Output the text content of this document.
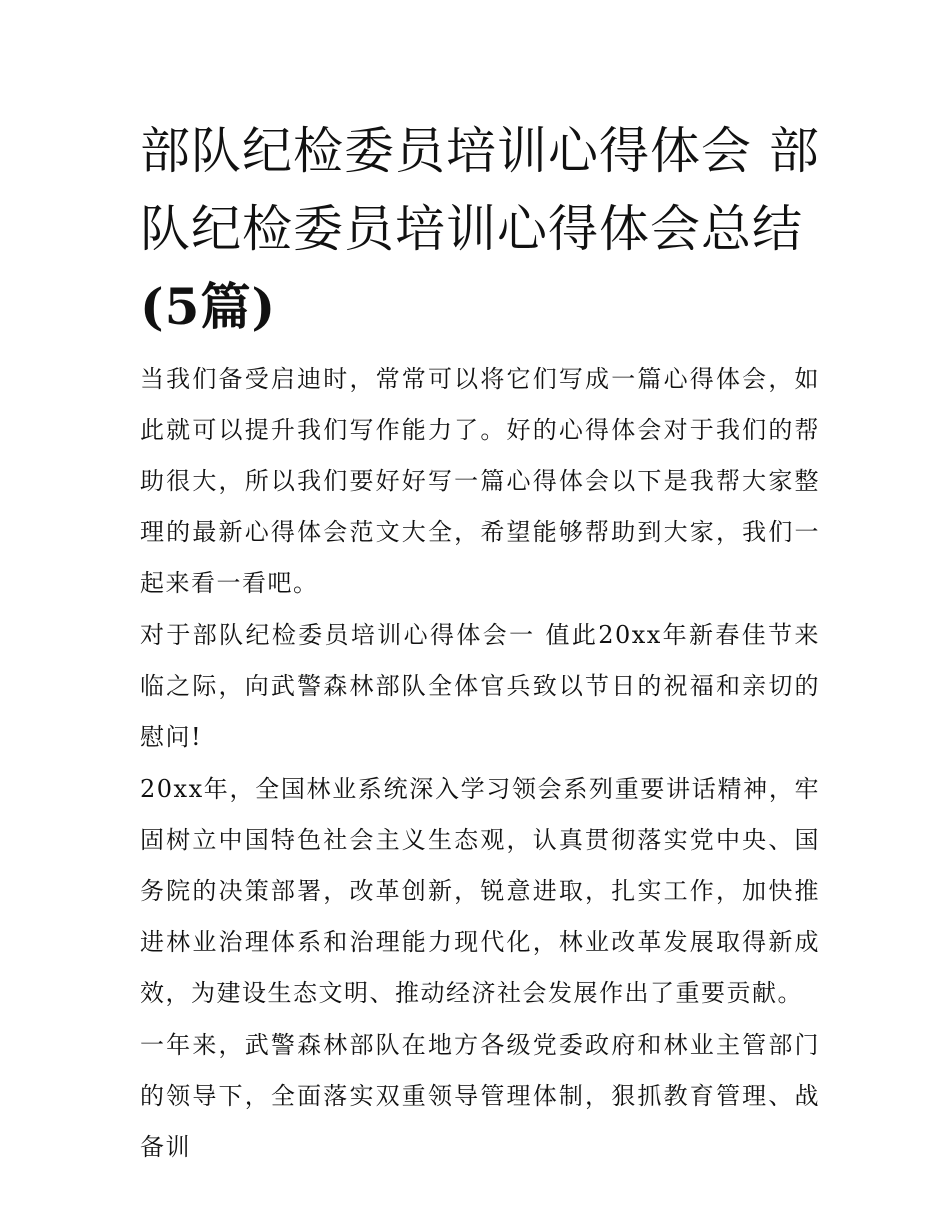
部队纪检委员培训心得体会 部队纪检委员培训心得体会总结
(5篇)

当我们备受启迪时，常常可以将它们写成一篇心得体会，如此就可以提升我们写作能力了。好的心得体会对于我们的帮助很大，所以我们要好好写一篇心得体会以下是我帮大家整理的最新心得体会范文大全，希望能够帮助到大家，我们一起来看一看吧。

对于部队纪检委员培训心得体会一 值此20xx年新春佳节来临之际，向武警森林部队全体官兵致以节日的祝福和亲切的慰问!

20xx年，全国林业系统深入学习领会系列重要讲话精神，牢固树立中国特色社会主义生态观，认真贯彻落实党中央、国务院的决策部署，改革创新，锐意进取，扎实工作，加快推进林业治理体系和治理能力现代化，林业改革发展取得新成效，为建设生态文明、推动经济社会发展作出了重要贡献。

一年来，武警森林部队在地方各级党委政府和林业主管部门的领导下，全面落实双重领导管理体制，狠抓教育管理、战备训
